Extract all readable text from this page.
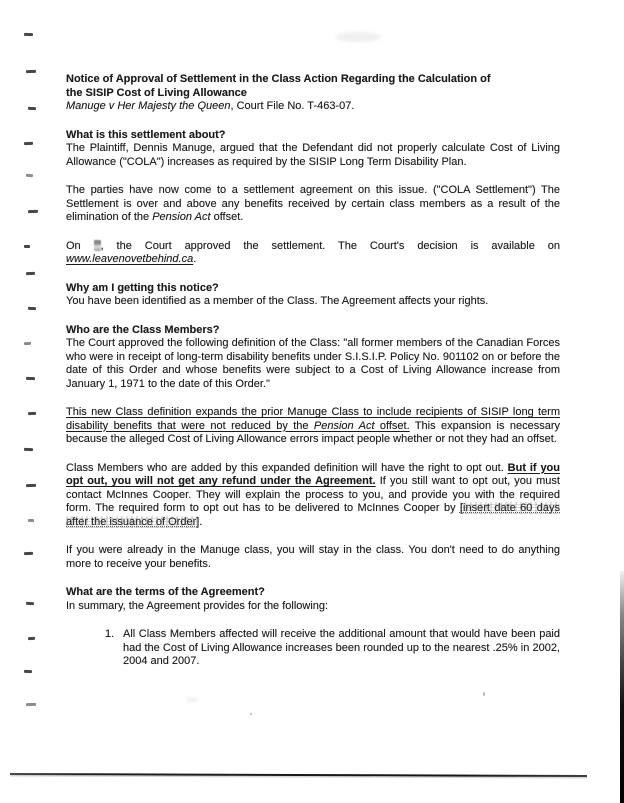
Notice of Approval of Settlement in the Class Action Regarding the Calculation of
the SISIP Cost of Living Allowance
Manuge v Her Majesty the Queen, Court File No. T-463-07.
What is this settlement about?
The Plaintiff, Dennis Manuge, argued that the Defendant did not properly calculate Cost of Living Allowance ("COLA") increases as required by the SISIP Long Term Disability Plan.
The parties have now come to a settlement agreement on this issue. ("COLA Settlement") The Settlement is over and above any benefits received by certain class members as a result of the elimination of the Pension Act offset.
On , the Court approved the settlement. The Court's decision is available on www.leavenovetbehind.ca.
Why am I getting this notice?
You have been identified as a member of the Class. The Agreement affects your rights.
Who are the Class Members?
The Court approved the following definition of the Class: "all former members of the Canadian Forces who were in receipt of long-term disability benefits under S.I.S.I.P. Policy No. 901102 on or before the date of this Order and whose benefits were subject to a Cost of Living Allowance increase from January 1, 1971 to the date of this Order."
This new Class definition expands the prior Manuge Class to include recipients of SISIP long term disability benefits that were not reduced by the Pension Act offset. This expansion is necessary because the alleged Cost of Living Allowance errors impact people whether or not they had an offset.
Class Members who are added by this expanded definition will have the right to opt out. But if you opt out, you will not get any refund under the Agreement. If you still want to opt out, you must contact McInnes Cooper. They will explain the process to you, and provide you with the required form. The required form to opt out has to be delivered to McInnes Cooper by [insert date 60 days after the issuance of Order].
If you were already in the Manuge class, you will stay in the class. You don't need to do anything more to receive your benefits.
What are the terms of the Agreement?
In summary, the Agreement provides for the following:
1. All Class Members affected will receive the additional amount that would have been paid had the Cost of Living Allowance increases been rounded up to the nearest .25% in 2002, 2004 and 2007.
